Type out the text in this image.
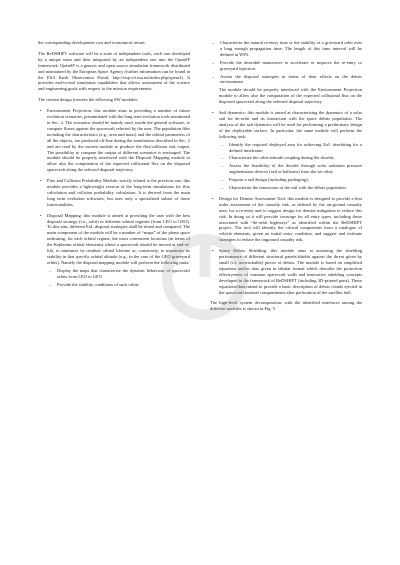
the corresponding development cost and economical return.

The ReDSHIFT software will be a suite of independent tools, each one developed by a unique team and then integrated by an independent one into the OpenSF framework. OpenSF is a generic and open source simulation framework distributed and maintained by the European Space Agency (further information can be found in the ESA Earth Observation Portal, http://eop-cfi.esa.int/index.php/opensf). It provides end-to-end simulation capabilities that allows assessment of the science and engineering goals with respect to the mission requirements.

The current design foresees the following SW modules:

• Environment Projection: this module aims at providing a number of future evolution scenarios, presimulated with the long term evolution tools mentioned in Sec. 2. The scenarios should be mainly used, inside the general software, to compute fluxes against the spacecraft selected by the user. The population files including the characteristics (e.g., area and mass) and the orbital parameters of all the objects, are produced off-line during the simulations described in Sec. 2 and are read by the current module to produce the flux/collision risk output. The possibility to compare the output of different scenarios is envisaged. The module should be properly interfaced with the Disposal Mapping module to allow also the computation of the expected collisional flux on the disposed spacecraft along the selected disposal trajectory.
• Flux and Collision Probability Module: strictly related to the previous one, this module provides a lightweight version of the long-term simulations for flux calculation and collision probability calculation. It is derived from the main long term evolution softwares, but uses only a specialized subset of those functionalities.
• Disposal Mapping: this module is aimed at providing the user with the best disposal strategy (i.e., orbit) in different orbital regimes (from LEO to GEO). To this aim, different EoL disposal strategies shall be tested and compared. The main component of the module will be a number of “maps” of the phase space indicating, for each orbital regime, the most convenient locations (in terms of the Keplerian orbital elements) where a spacecraft should be moved at end-of-life, to minimize its residual orbital lifetime or, conversely, to maximize its stability in that specific orbital altitude (e.g., in the case of the GEO graveyard orbits). Namely the disposal mapping module will perform the following tasks:
– Display the maps that characterise the dynamic behaviour of spacecraft orbits from LEO to GEO
– Provide the stability conditions of such orbits
– Characterise the natural re-entry time or the stability of a graveyard orbit over a long enough propagation time. The length of this time interval will be defined in WP3.
– Provide the desirable manoeuvre to accelerate or improve the re-entry or graveyard injection.
– Assess the disposal strategies in terms of their effects on the debris environment.

The module should be properly interfaced with the Environment Projection module to allow also the computation of the expected collisional flux on the disposed spacecraft along the selected disposal trajectory.

• Sail dynamics: this module is aimed at characterising the dynamics of a solar sail for de-orbit and its interaction with the space debris population. The analysis of the sail dynamics will be used for performing a preliminary design of the deployable surface. In particular, the same module will perform the following task:
– Identify the required deployed area for achieving EoL deorbiting for a defined timeframe;
– Characterize the orbit-attitude coupling during the deorbit;
– Assess the feasibility of the deorbit through solar radiation pressure augmentation devices (sail or balloons) from the set orbit;
– Propose a sail design (including packaging);
– Characterise the interaction of the sail with the debris population.
• Design for Demise Assessment Tool: this module is designed to provide a first order assessment of the casualty risk, as defined by the on-ground casualty area, for a re-entry and to suggest design for demise mitigation to reduce this risk. In doing so it will provide coverage for all entry types, including those associated with “de-orbit highways” as identified within the ReDSHIFT project. The tool will identify the critical components from a catalogue of vehicle elements, given an initial entry condition, and suggest and evaluate strategies to reduce the onground casualty risk.
• Space Debris Shielding: this module aims at assessing the shielding performance of different structural panels/shields against the threat given by small (i.e. un-trackable) pieces of debris. The module is based on simplified equations and/or data given in tabular format which describe the protection effectiveness of common spacecraft walls and innovative shielding concepts developed in the framework of ReDSHIFT (including 3D-printed parts). These equations/data intend to provide a basic description of debris clouds ejected in the spacecraft internal compartments after perforation of the satellite hull.

The high-level system decomposition, with the identified interfaces among the different modules is shown in Fig. 5.
